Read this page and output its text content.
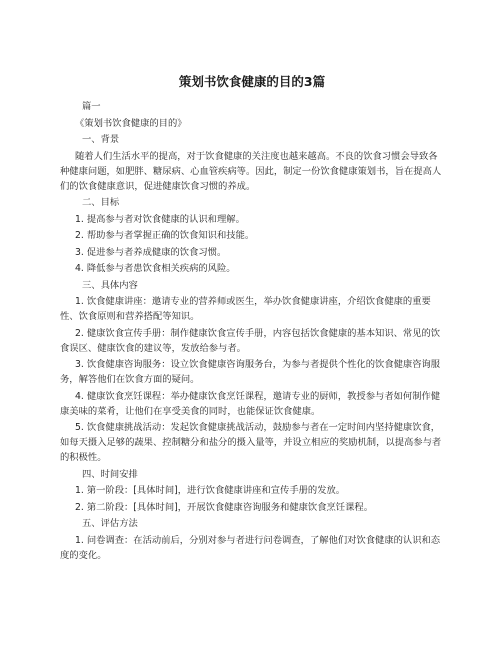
策划书饮食健康的目的3篇
篇一
《策划书饮食健康的目的》
一、背景
随着人们生活水平的提高，对于饮食健康的关注度也越来越高。不良的饮食习惯会导致各种健康问题，如肥胖、糖尿病、心血管疾病等。因此，制定一份饮食健康策划书，旨在提高人们的饮食健康意识，促进健康饮食习惯的养成。
二、目标
1. 提高参与者对饮食健康的认识和理解。
2. 帮助参与者掌握正确的饮食知识和技能。
3. 促进参与者养成健康的饮食习惯。
4. 降低参与者患饮食相关疾病的风险。
三、具体内容
1. 饮食健康讲座：邀请专业的营养师或医生，举办饮食健康讲座，介绍饮食健康的重要性、饮食原则和营养搭配等知识。
2. 健康饮食宣传手册：制作健康饮食宣传手册，内容包括饮食健康的基本知识、常见的饮食误区、健康饮食的建议等，发放给参与者。
3. 饮食健康咨询服务：设立饮食健康咨询服务台，为参与者提供个性化的饮食健康咨询服务，解答他们在饮食方面的疑问。
4. 健康饮食烹饪课程：举办健康饮食烹饪课程，邀请专业的厨师，教授参与者如何制作健康美味的菜肴，让他们在享受美食的同时，也能保证饮食健康。
5. 饮食健康挑战活动：发起饮食健康挑战活动，鼓励参与者在一定时间内坚持健康饮食，如每天摄入足够的蔬果、控制糖分和盐分的摄入量等，并设立相应的奖励机制，以提高参与者的积极性。
四、时间安排
1. 第一阶段：[具体时间]，进行饮食健康讲座和宣传手册的发放。
2. 第二阶段：[具体时间]，开展饮食健康咨询服务和健康饮食烹饪课程。
五、评估方法
1. 问卷调查：在活动前后，分别对参与者进行问卷调查，了解他们对饮食健康的认识和态度的变化。
